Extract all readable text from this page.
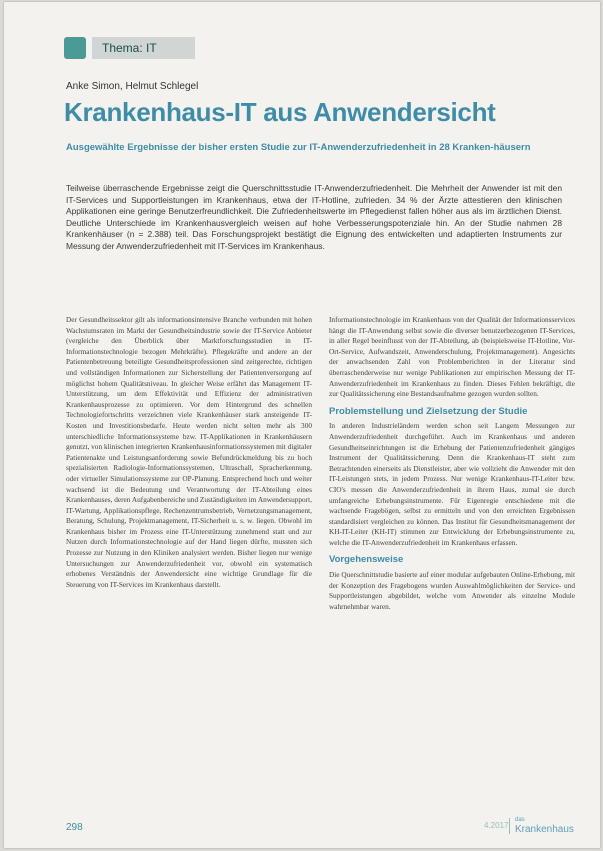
Thema: IT
Anke Simon, Helmut Schlegel
Krankenhaus-IT aus Anwendersicht
Ausgewählte Ergebnisse der bisher ersten Studie zur IT-Anwenderzufriedenheit in 28 Kranken-häusern
Teilweise überraschende Ergebnisse zeigt die Querschnittsstudie IT-Anwenderzufriedenheit. Die Mehrheit der Anwender ist mit den IT-Services und Supportleistungen im Krankenhaus, etwa der IT-Hotline, zufrieden. 34 % der Ärzte attestieren den klinischen Applikationen eine geringe Benutzerfreundlichkeit. Die Zufriedenheitswerte im Pflegedienst fallen höher aus als im ärztlichen Dienst. Deutliche Unterschiede im Krankenhausvergleich weisen auf hohe Verbesserungspotenziale hin. An der Studie nahmen 28 Krankenhäuser (n = 2.388) teil. Das Forschungsprojekt bestätigt die Eignung des entwickelten und adaptierten Instruments zur Messung der Anwenderzufriedenheit mit IT-Services im Krankenhaus.

Der Gesundheitssektor gilt als informationsintensive Branche verbunden mit hohen Wachstumsraten im Markt der Gesundheitsindustrie sowie der IT-Service Anbieter (vergleiche den Überblick über Marktforschungsstudien in IT-Informationstechnologie bezogen Mehrkräfte). Pflegekräfte und andere an der Patientenbetreuung beteiligte Gesundheitsprofessionen sind zeitgerechte, richtigen und vollständigen Informationen zur Sicherstellung der Patientenversorgung auf möglichst hohem Qualitätsniveau. In gleicher Weise erfährt das Management IT-Unterstützung, um dem Effektivität und Effizienz der administrativen Krankenhausprozesse zu optimieren. Vor dem Hintergrund des schnellen Technologiefortschritts verzeichnen viele Krankenhäuser stark ansteigende IT-Kosten und Investitionsbedarfe. Heute werden nicht selten mehr als 300 unterschiedliche Informationssysteme bzw. IT-Applikationen in Krankenhäusern genutzt, von klinischen integrierten Krankenhausinformationssystemen mit digitaler Patientenakte und Leistungsanforderung sowie Befundrückmeldung bis zu hoch spezialisierten Radiologie-Informationssystemen, Ultraschall, Spracherkennung, oder virtueller Simulationssysteme zur OP-Planung. Entsprechend hoch und weiter wachsend ist die Bedeutung und Verantwortung der IT-Abteilung eines Krankenhauses, deren Aufgabenbereiche und Zuständigkeiten im Anwendersupport, IT-Wartung, Applikationspflege, Rechenzentrumsbetrieb, Vernetzungsmanagement, Beratung, Schulung, Projektmanagement, IT-Sicherheit u. s. w. liegen. Obwohl im Krankenhaus bisher im Prozess eine IT-Unterstützung zunehmend statt und zur Nutzen durch Informationstechnologie auf der Hand liegen dürfte, mussten sich Prozesse zur Nutzung in den Kliniken analysiert werden. Bisher liegen nur wenige Untersuchungen zur Anwenderzufriedenheit vor, obwohl ein systematisch erhobenes Verständnis der Anwendersicht eine wichtige Grundlage für die Steuerung von IT-Services im Krankenhaus darstellt.

Informationstechnologie im Krankenhaus von der Qualität der Informationsservices hängt die IT-Anwendung selbst sowie die diverser benutzerbezogenen IT-Services, in aller Regel beeinflusst von der IT-Abteilung, ab (beispielsweise IT-Hotline, Vor-Ort-Service, Aufwandszeit, Anwenderschulung, Projektmanagement). Angesichts der anwachsenden Zahl von Problemberichten in der Literatur sind überraschenderweise nur wenige Publikationen zur empirischen Messung der IT-Anwenderzufriedenheit im Krankenhaus zu finden. Dieses Fehlen bekräftigt, die zur Qualitätssicherung eine Bestandsaufnahme gezogen wurden sollten.

Problemstellung und Zielsetzung der Studie

In anderen Industrieländern werden schon seit Langem Messungen zur Anwenderzufriedenheit durchgeführt. Auch im Krankenhaus und anderen Gesundheitseinrichtungen ist die Erhebung der Patientenzufriedenheit gängiges Instrument der Qualitätssicherung. Denn die Krankenhaus-IT steht zum Betrachtenden einerseits als Dienstleister, aber wie vollzieht die Anwender mit den IT-Leistungen stets, in jedem Prozess. Nur wenige Krankenhaus-IT-Leiter bzw. CIO's messen die Anwenderzufriedenheit in ihrem Haus, zumal sie durch umfangreiche Erhebungsinstrumente. Für Eigenregie entschiedene mit die wachsende Fragebögen, selbst zu ermitteln und von den erreichten Ergebnissen standardisiert vergleichen zu können. Das Institut für Gesundheitsmanagement der KH-IT-Leiter (KH-IT) stimmen zur Entwicklung der Erhebungsinstrumente zu, welche die IT-Anwenderzufriedenheit im Krankenhaus erfassen.

Vorgehensweise

Die Querschnittstudie basierte auf einer modular aufgebauten Online-Erhebung, mit der Konzeption des Fragebogens wurden Auswahlmöglichkeiten der Service- und Supportleistungen abgebildet, welche vom Anwender als einzelne Module wahrnehmbar waren.

298	4.2017
das
Krankenhaus
